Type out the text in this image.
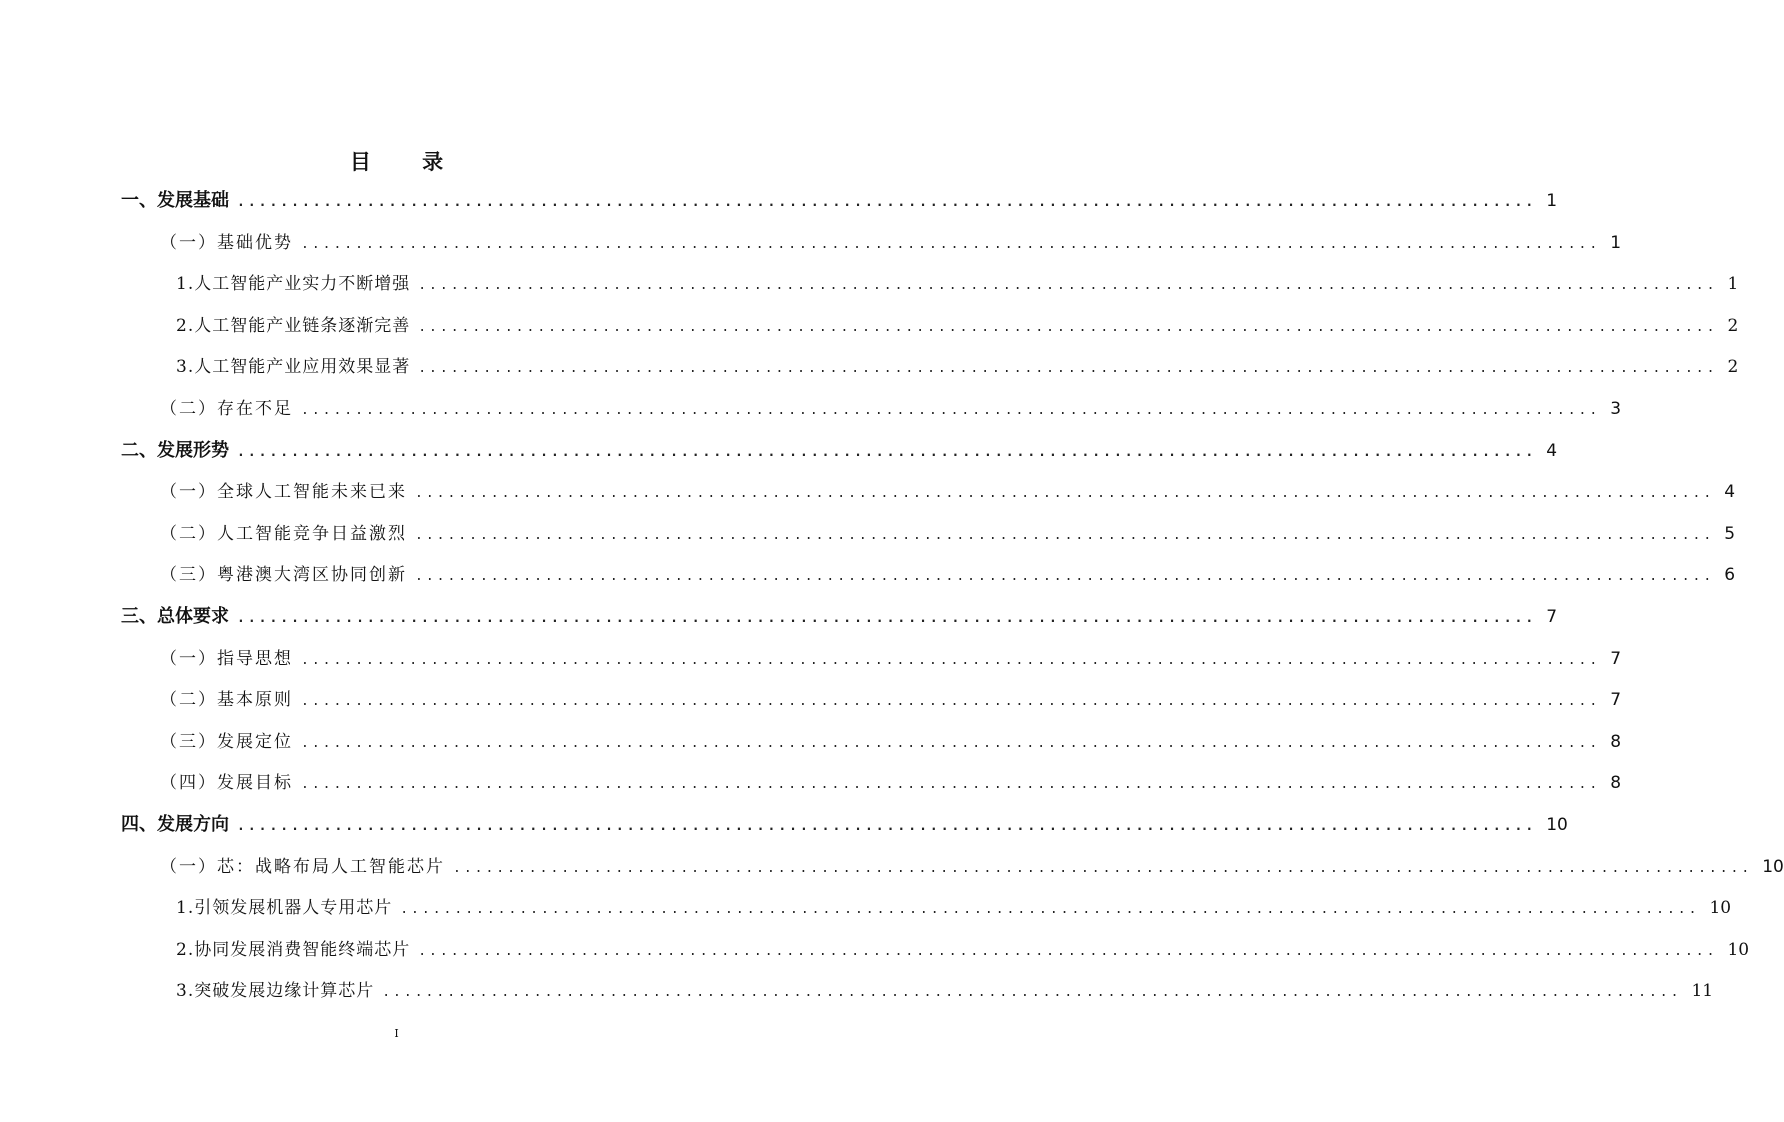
目 录
一、发展基础 ........................................................................................................................ 1
（一）基础优势 ........................................................................................................................ 1
1.人工智能产业实力不断增强 ........................................................................................................................ 1
2.人工智能产业链条逐渐完善 ........................................................................................................................ 2
3.人工智能产业应用效果显著 ........................................................................................................................ 2
（二）存在不足 ........................................................................................................................ 3
二、发展形势 ........................................................................................................................ 4
（一）全球人工智能未来已来 ........................................................................................................................ 4
（二）人工智能竞争日益激烈 ........................................................................................................................ 5
（三）粤港澳大湾区协同创新 ........................................................................................................................ 6
三、总体要求 ........................................................................................................................ 7
（一）指导思想 ........................................................................................................................ 7
（二）基本原则 ........................................................................................................................ 7
（三）发展定位 ........................................................................................................................ 8
（四）发展目标 ........................................................................................................................ 8
四、发展方向 ........................................................................................................................ 10
（一）芯：战略布局人工智能芯片 ........................................................................................................................ 10
1.引领发展机器人专用芯片 ........................................................................................................................ 10
2.协同发展消费智能终端芯片 ........................................................................................................................ 10
3.突破发展边缘计算芯片 ........................................................................................................................ 11
I
